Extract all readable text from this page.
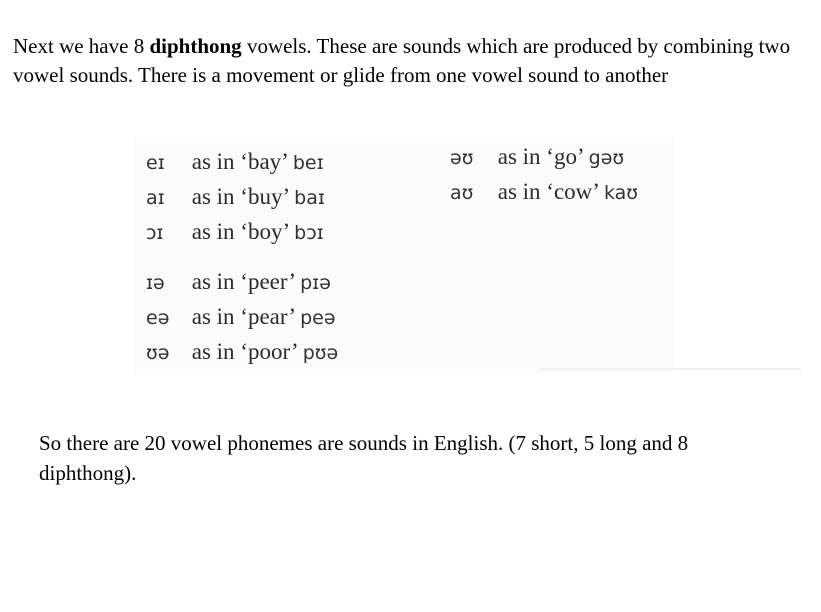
Next we have 8 diphthong vowels. These are sounds which are produced by combining two vowel sounds. There is a movement or glide from one vowel sound to another

eɪ as in ‘bay’ beɪ
aɪ as in ‘buy’ baɪ
ɔɪ as in ‘boy’ bɔɪ
ɪə as in ‘peer’ pɪə
eə as in ‘pear’ peə
ʊə as in ‘poor’ pʊə
əʊ as in ‘go’ gəʊ
aʊ as in ‘cow’ kaʊ

So there are 20 vowel phonemes are sounds in English. (7 short, 5 long and 8 diphthong).
